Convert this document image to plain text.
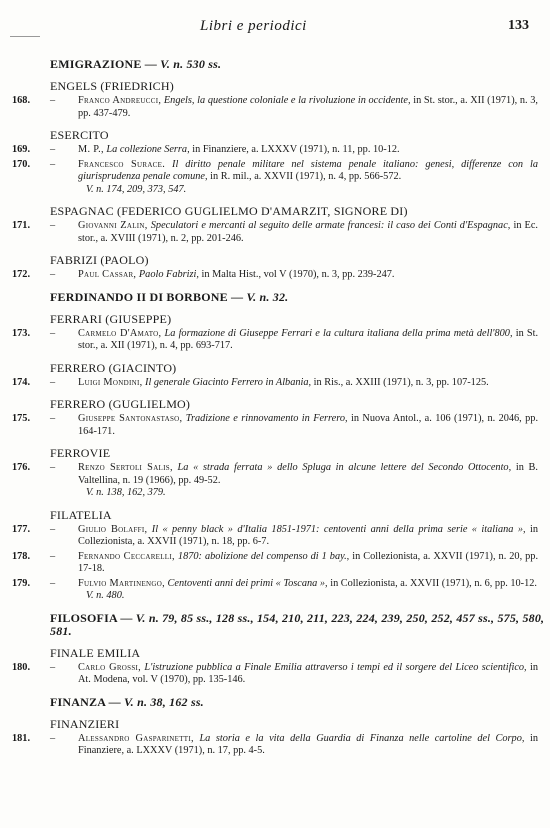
Libri e periodici	133
EMIGRAZIONE — V. n. 530 ss.
ENGELS (FRIEDRICH)
168.	– Franco Andreucci, Engels, la questione coloniale e la rivoluzione in occidente, in St. stor., a. XII (1971), n. 3, pp. 437-479.
ESERCITO
169.	– M. P., La collezione Serra, in Finanziere, a. LXXXV (1971), n. 11, pp. 10-12.
170.	– Francesco Surace. Il diritto penale militare nel sistema penale italiano: genesi, differenze con la giurisprudenza penale comune, in R. mil., a. XXVII (1971), n. 4, pp. 566-572.
V. n. 174, 209, 373, 547.
ESPAGNAC (FEDERICO GUGLIELMO D'AMARZIT, SIGNORE DI)
171.	– Giovanni Zalin, Speculatori e mercanti al seguito delle armate francesi: il caso dei Conti d'Espagnac, in Ec. stor., a. XVIII (1971), n. 2, pp. 201-246.
FABRIZI (PAOLO)
172.	– Paul Cassar, Paolo Fabrizi, in Malta Hist., vol V (1970), n. 3, pp. 239-247.
FERDINANDO II DI BORBONE — V. n. 32.
FERRARI (GIUSEPPE)
173.	– Carmelo D'Amato, La formazione di Giuseppe Ferrari e la cultura italiana della prima metà dell'800, in St. stor., a. XII (1971), n. 4, pp. 693-717.
FERRERO (GIACINTO)
174.	– Luigi Mondini, Il generale Giacinto Ferrero in Albania, in Ris., a. XXIII (1971), n. 3, pp. 107-125.
FERRERO (GUGLIELMO)
175.	– Giuseppe Santonastaso, Tradizione e rinnovamento in Ferrero, in Nuova Antol., a. 106 (1971), n. 2046, pp. 164-171.
FERROVIE
176.	– Renzo Sertoli Salis, La « strada ferrata » dello Spluga in alcune lettere del Secondo Ottocento, in B. Valtellina, n. 19 (1966), pp. 49-52.
V. n. 138, 162, 379.
FILATELIA
177.	– Giulio Bolaffi, Il « penny black » d'Italia 1851-1971: centoventi anni della prima serie « italiana », in Collezionista, a. XXVII (1971), n. 18, pp. 6-7.
178.	– Fernando Ceccarelli, 1870: abolizione del compenso di 1 bay., in Collezionista, a. XXVII (1971), n. 20, pp. 17-18.
179.	– Fulvio Martinengo, Centoventi anni dei primi « Toscana », in Collezionista, a. XXVII (1971), n. 6, pp. 10-12.
V. n. 480.
FILOSOFIA — V. n. 79, 85 ss., 128 ss., 154, 210, 211, 223, 224, 239, 250, 252, 457 ss., 575, 580, 581.
FINALE EMILIA
180.	– Carlo Grossi, L'istruzione pubblica a Finale Emilia attraverso i tempi ed il sorgere del Liceo scientifico, in At. Modena, vol. V (1970), pp. 135-146.
FINANZA — V. n. 38, 162 ss.
FINANZIERI
181.	– Alessandro Gasparinetti, La storia e la vita della Guardia di Finanza nelle cartoline del Corpo, in Finanziere, a. LXXXV (1971), n. 17, pp. 4-5.
